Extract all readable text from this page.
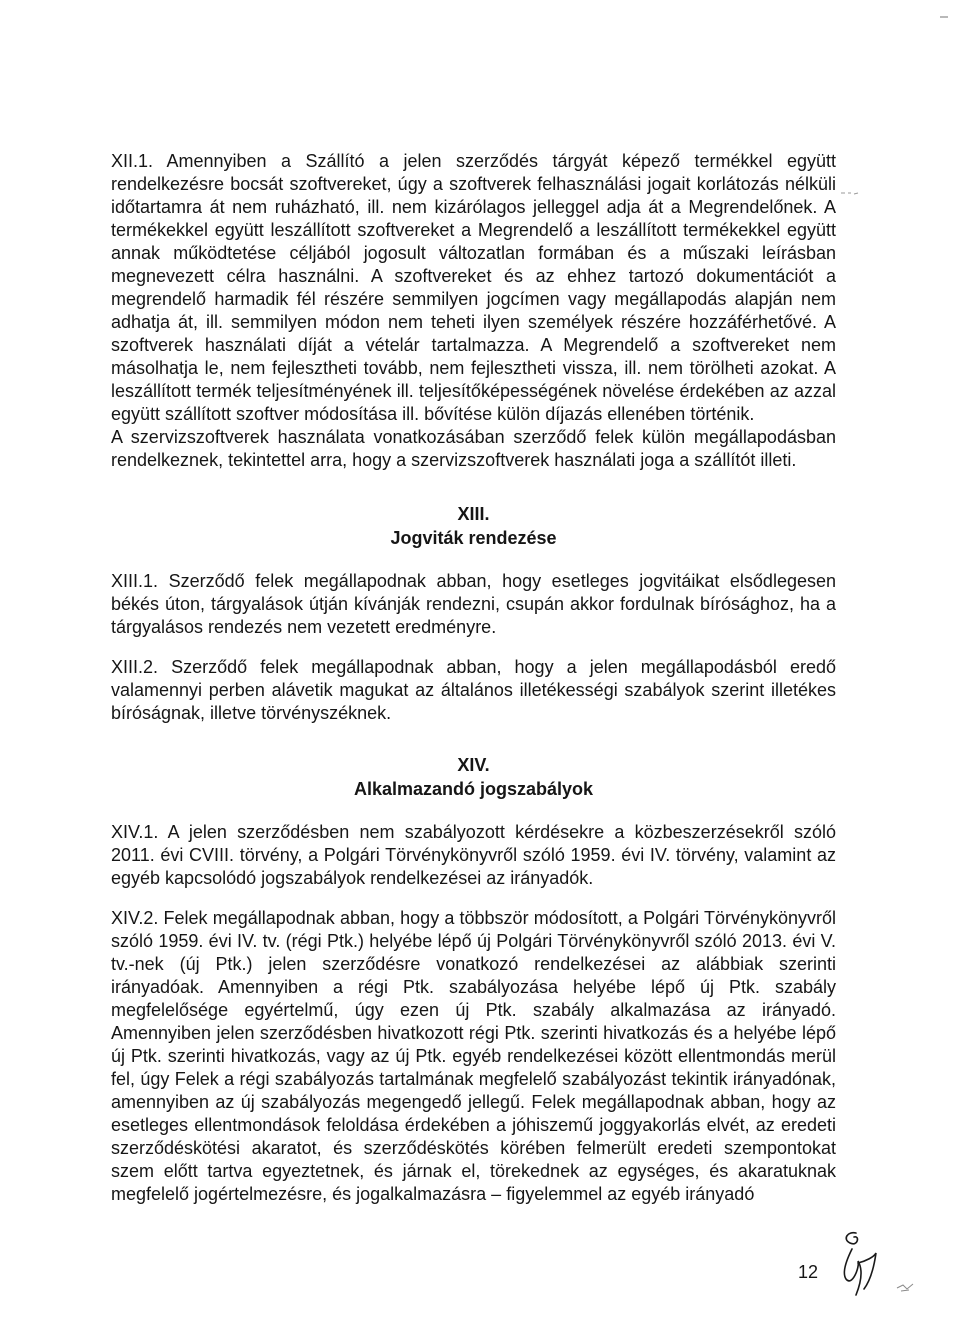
XII.1. Amennyiben a Szállító a jelen szerződés tárgyát képező termékkel együtt rendelkezésre bocsát szoftvereket, úgy a szoftverek felhasználási jogait korlátozás nélküli időtartamra át nem ruházható, ill. nem kizárólagos jelleggel adja át a Megrendelőnek. A termékekkel együtt leszállított szoftvereket a Megrendelő a leszállított termékekkel együtt annak működtetése céljából jogosult változatlan formában és a műszaki leírásban megnevezett célra használni. A szoftvereket és az ehhez tartozó dokumentációt a megrendelő harmadik fél részére semmilyen jogcímen vagy megállapodás alapján nem adhatja át, ill. semmilyen módon nem teheti ilyen személyek részére hozzáférhetővé. A szoftverek használati díját a vételár tartalmazza. A Megrendelő a szoftvereket nem másolhatja le, nem fejlesztheti tovább, nem fejlesztheti vissza, ill. nem törölheti azokat. A leszállított termék teljesítményének ill. teljesítőképességének növelése érdekében az azzal együtt szállított szoftver módosítása ill. bővítése külön díjazás ellenében történik.

A szervizszoftverek használata vonatkozásában szerződő felek külön megállapodásban rendelkeznek, tekintettel arra, hogy a szervizszoftverek használati joga a szállítót illeti.

XIII.
Jogviták rendezése

XIII.1. Szerződő felek megállapodnak abban, hogy esetleges jogvitáikat elsődlegesen békés úton, tárgyalások útján kívánják rendezni, csupán akkor fordulnak bírósághoz, ha a tárgyalásos rendezés nem vezetett eredményre.

XIII.2. Szerződő felek megállapodnak abban, hogy a jelen megállapodásból eredő valamennyi perben alávetik magukat az általános illetékességi szabályok szerint illetékes bíróságnak, illetve törvényszéknek.

XIV.
Alkalmazandó jogszabályok

XIV.1. A jelen szerződésben nem szabályozott kérdésekre a közbeszerzésekről szóló 2011. évi CVIII. törvény, a Polgári Törvénykönyvről szóló 1959. évi IV. törvény, valamint az egyéb kapcsolódó jogszabályok rendelkezései az irányadók.

XIV.2. Felek megállapodnak abban, hogy a többször módosított, a Polgári Törvénykönyvről szóló 1959. évi IV. tv. (régi Ptk.) helyébe lépő új Polgári Törvénykönyvről szóló 2013. évi V. tv.-nek (új Ptk.) jelen szerződésre vonatkozó rendelkezései az alábbiak szerinti irányadóak. Amennyiben a régi Ptk. szabályozása helyébe lépő új Ptk. szabály megfelelősége egyértelmű, úgy ezen új Ptk. szabály alkalmazása az irányadó. Amennyiben jelen szerződésben hivatkozott régi Ptk. szerinti hivatkozás és a helyébe lépő új Ptk. szerinti hivatkozás, vagy az új Ptk. egyéb rendelkezései között ellentmondás merül fel, úgy Felek a régi szabályozás tartalmának megfelelő szabályozást tekintik irányadónak, amennyiben az új szabályozás megengedő jellegű. Felek megállapodnak abban, hogy az esetleges ellentmondások feloldása érdekében a jóhiszemű joggyakorlás elvét, az eredeti szerződéskötési akaratot, és szerződéskötés körében felmerült eredeti szempontokat szem előtt tartva egyeztetnek, és járnak el, törekednek az egységes, és akaratuknak megfelelő jogértelmezésre, és jogalkalmazásra – figyelemmel az egyéb irányadó

12
